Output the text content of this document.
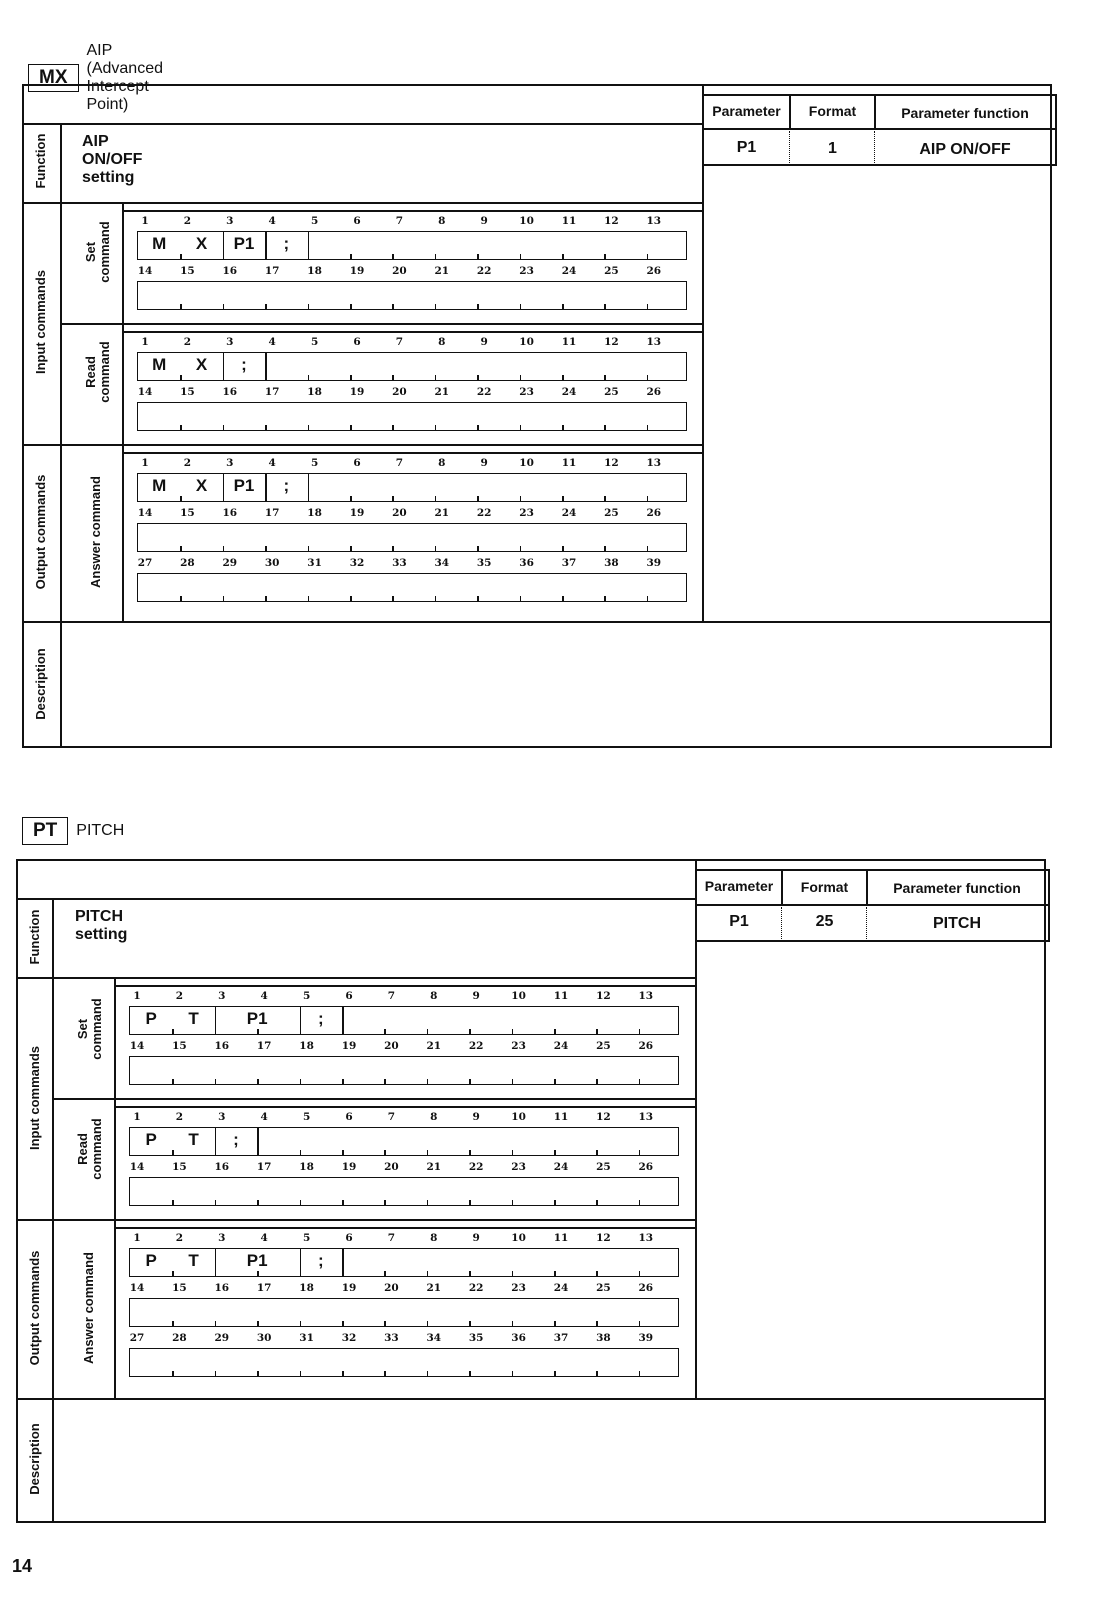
MX
AIP (Advanced Intercept Point)	Parameter	Format	Parameter function
P1	1	AIP ON/OFF
AIP ON/OFF setting
Function
Input commands
Set
command
Read
command
Output commands	Answer command
Description
1	2	3	4	5	6	7	8	9	10	11	12	13
M	X	P1	;
14	15	16	17	18	19	20	21	22	23	24	25	26
1	2	3	4	5	6	7	8	9	10	11	12	13
M	X	;
14	15	16	17	18	19	20	21	22	23	24	25	26
1	2	3	4	5	6	7	8	9	10	11	12	13
M	X	P1	;
14	15	16	17	18	19	20	21	22	23	24	25	26
27	28	29	30	31	32	33	34	35	36	37	38	39
PT	PITCH
Parameter	Format	Parameter function
P1	25	PITCH
PITCH setting
Function
Input commands
Set
command
Read
command
Output commands	Answer command
Description
1	2	3	4	5	6	7	8	9	10	11	12	13
P	T	P1	;
14	15	16	17	18	19	20	21	22	23	24	25	26
1	2	3	4	5	6	7	8	9	10	11	12	13
P	T	;
14	15	16	17	18	19	20	21	22	23	24	25	26
1	2	3	4	5	6	7	8	9	10	11	12	13
P	T	P1	;
14	15	16	17	18	19	20	21	22	23	24	25	26
27	28	29	30	31	32	33	34	35	36	37	38	39
14
